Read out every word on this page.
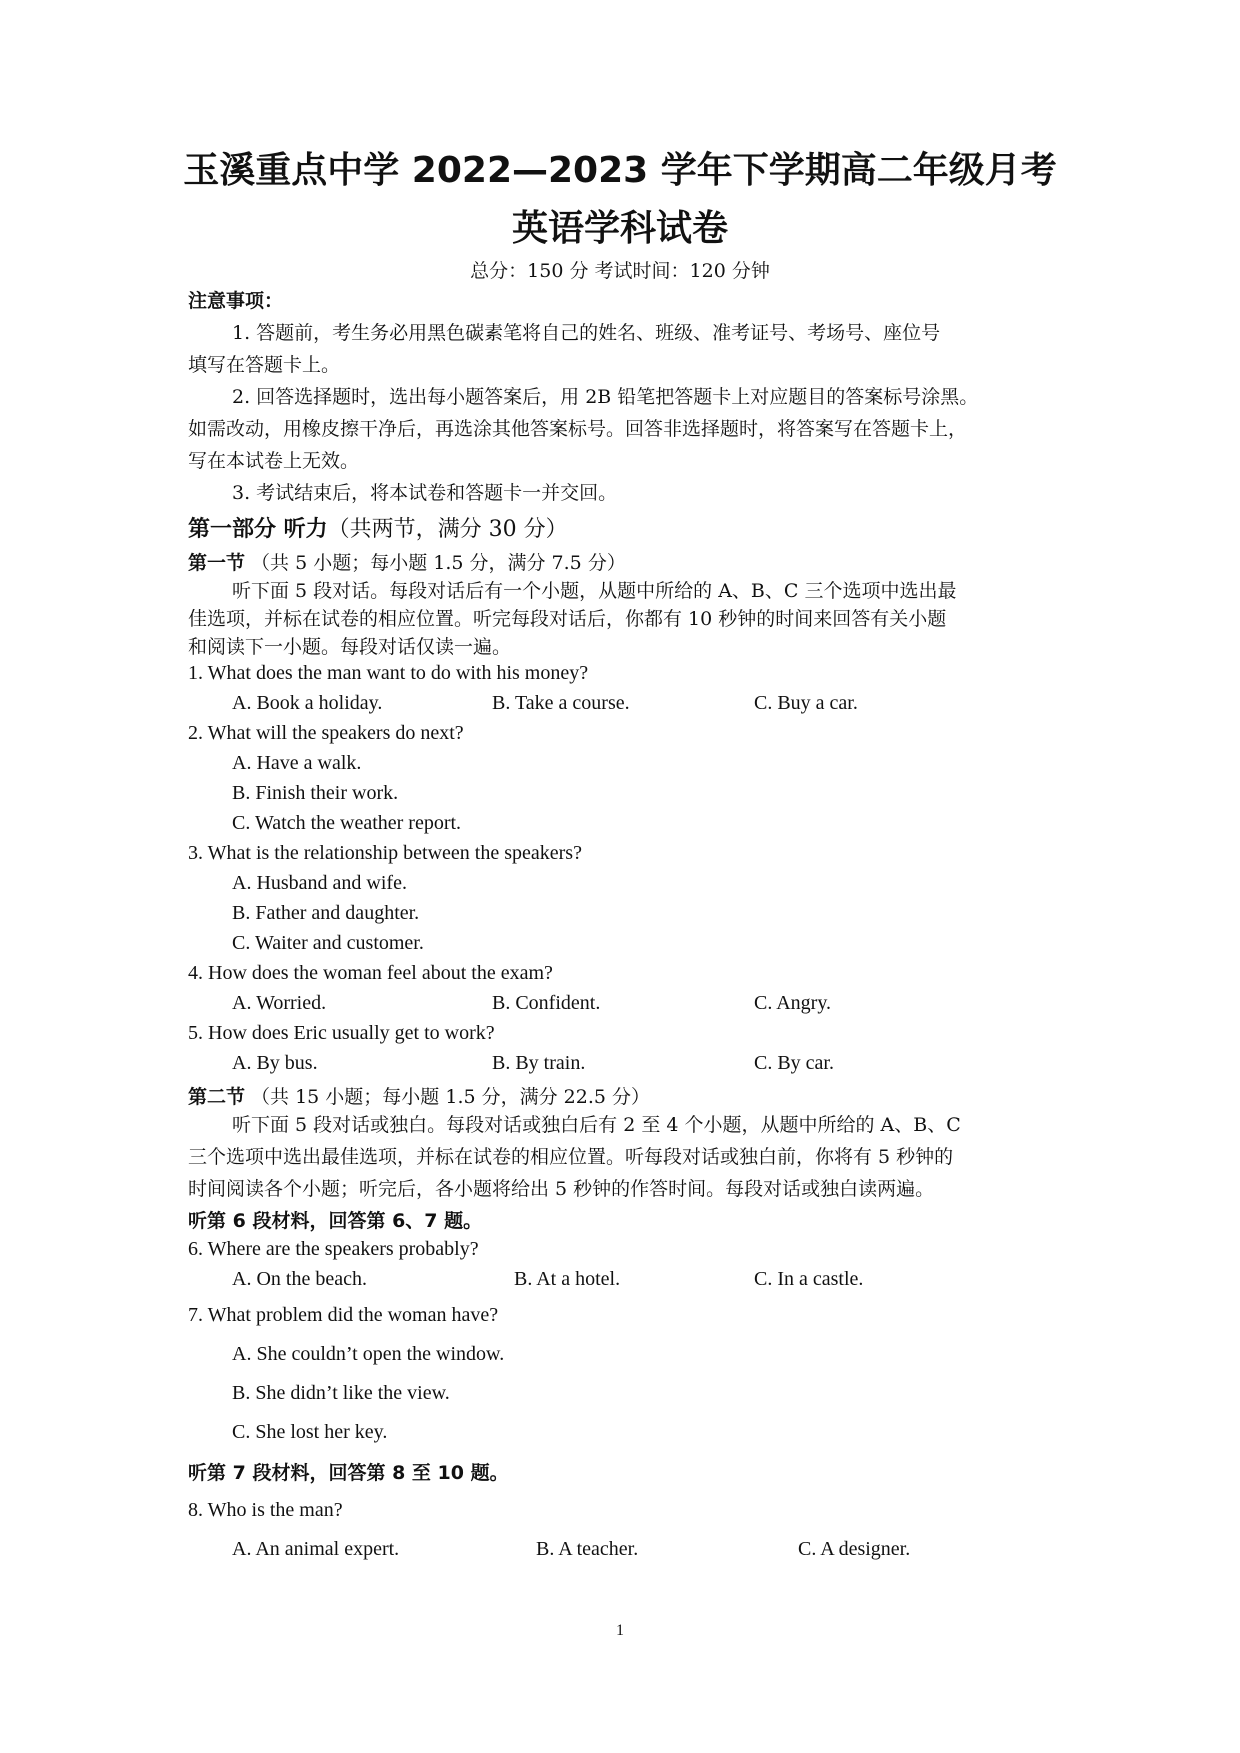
玉溪重点中学 2022—2023 学年下学期高二年级月考
英语学科试卷
总分：150 分 考试时间：120 分钟
注意事项：
1. 答题前，考生务必用黑色碳素笔将自己的姓名、班级、准考证号、考场号、座位号
填写在答题卡上。
2. 回答选择题时，选出每小题答案后，用 2B 铅笔把答题卡上对应题目的答案标号涂黑。
如需改动，用橡皮擦干净后，再选涂其他答案标号。回答非选择题时，将答案写在答题卡上，
写在本试卷上无效。
3. 考试结束后，将本试卷和答题卡一并交回。
第一部分 听力（共两节，满分 30 分）
第一节 （共 5 小题；每小题 1.5 分，满分 7.5 分）
听下面 5 段对话。每段对话后有一个小题，从题中所给的 A、B、C 三个选项中选出最
佳选项，并标在试卷的相应位置。听完每段对话后，你都有 10 秒钟的时间来回答有关小题
和阅读下一小题。每段对话仅读一遍。
1. What does the man want to do with his money?
A. Book a holiday.	B. Take a course.	C. Buy a car.
2. What will the speakers do next?
A. Have a walk.
B. Finish their work.
C. Watch the weather report.
3. What is the relationship between the speakers?
A. Husband and wife.
B. Father and daughter.
C. Waiter and customer.
4. How does the woman feel about the exam?
A. Worried.	B. Confident.	C. Angry.
5. How does Eric usually get to work?
A. By bus.	B. By train.	C. By car.
第二节 （共 15 小题；每小题 1.5 分，满分 22.5 分）
听下面 5 段对话或独白。每段对话或独白后有 2 至 4 个小题，从题中所给的 A、B、C
三个选项中选出最佳选项，并标在试卷的相应位置。听每段对话或独白前，你将有 5 秒钟的
时间阅读各个小题；听完后，各小题将给出 5 秒钟的作答时间。每段对话或独白读两遍。
听第 6 段材料，回答第 6、7 题。
6. Where are the speakers probably?
A. On the beach.	B. At a hotel.	C. In a castle.
7. What problem did the woman have?
A. She couldn’t open the window.
B. She didn’t like the view.
C. She lost her key.
听第 7 段材料，回答第 8 至 10 题。
8. Who is the man?
A. An animal expert.	B. A teacher.	C. A designer.
1
